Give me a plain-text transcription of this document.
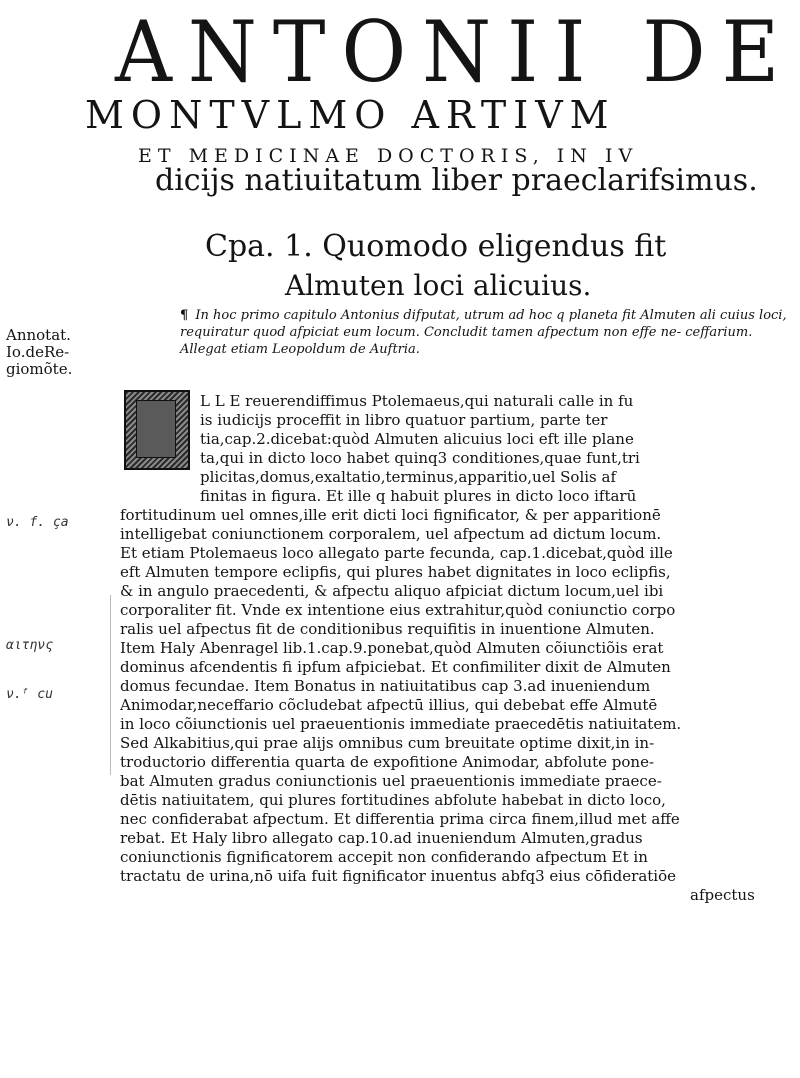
ANTONII DE
MONTVLMO ARTIVM
ET MEDICINAE DOCTORIS, IN IV
dicijs natiuitatum liber praeclarifsimus.
Cpa. 1. Quomodo eligendus fit
Almuten loci alicuius.
¶ In hoc primo capitulo Antonius difputat, utrum ad hoc q planeta fit Almuten ali cuius loci, requiratur quod afpiciat eum locum. Concludit tamen afpectum non effe ne- ceffarium. Allegat etiam Leopoldum de Auftria.
Annotat.
Io.deRe-
giomõte.
ν. f. ça
αιτηνς
ν.ᶠ cu
L L E reuerendiffimus Ptolemaeus,qui naturali calle in fu
is iudicijs proceffit in libro quatuor partium, parte ter
tia,cap.2.dicebat:quòd Almuten alicuius loci eft ille plane
ta,qui in dicto loco habet quinq3 conditiones,quae funt,tri
plicitas,domus,exaltatio,terminus,apparitio,uel Solis af
finitas in figura. Et ille q habuit plures in dicto loco iftarū
fortitudinum uel omnes,ille erit dicti loci fignificator, & per apparitionē
intelligebat coniunctionem corporalem, uel afpectum ad dictum locum.
Et etiam Ptolemaeus loco allegato parte fecunda, cap.1.dicebat,quòd ille
eft Almuten tempore eclipfis, qui plures habet dignitates in loco eclipfis,
& in angulo praecedenti, & afpectu aliquo afpiciat dictum locum,uel ibi
corporaliter fit. Vnde ex intentione eius extrahitur,quòd coniunctio corpo
ralis uel afpectus fit de conditionibus requifitis in inuentione Almuten.
Item Haly Abenragel lib.1.cap.9.ponebat,quòd Almuten cõiunctiõis erat
dominus afcendentis fi ipfum afpiciebat. Et confimiliter dixit de Almuten
domus fecundae. Item Bonatus in natiuitatibus cap 3.ad inueniendum
Animodar,neceffario cõcludebat afpectū illius, qui debebat effe Almutē
in loco cõiunctionis uel praeuentionis immediate praecedētis natiuitatem.
Sed Alkabitius,qui prae alijs omnibus cum breuitate optime dixit,in in-
troductorio differentia quarta de expofitione Animodar, abfolute pone-
bat Almuten gradus coniunctionis uel praeuentionis immediate praece-
dētis natiuitatem, qui plures fortitudines abfolute habebat in dicto loco,
nec confiderabat afpectum. Et differentia prima circa finem,illud met affe
rebat. Et Haly libro allegato cap.10.ad inueniendum Almuten,gradus
coniunctionis fignificatorem accepit non confiderando afpectum Et in
tractatu de urina,nō uifa fuit fignificator inuentus abfq3 eius cōfideratiōe
afpectus
